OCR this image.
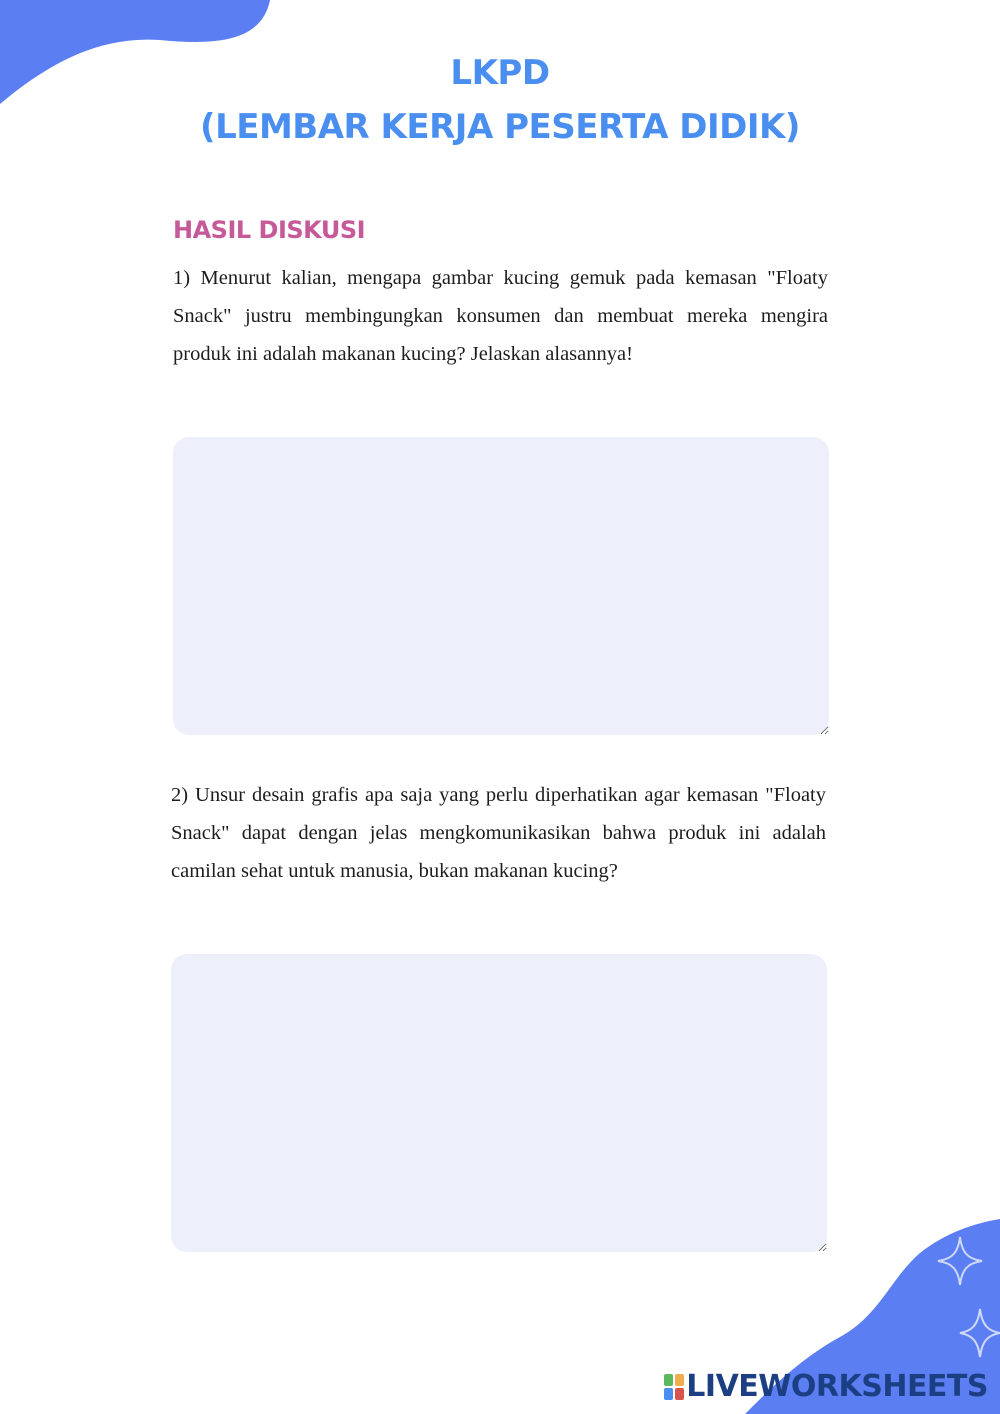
LKPD
(LEMBAR KERJA PESERTA DIDIK)
HASIL DISKUSI

1) Menurut kalian, mengapa gambar kucing gemuk pada kemasan "Floaty Snack" justru membingungkan konsumen dan membuat mereka mengira produk ini adalah makanan kucing? Jelaskan alasannya!

2) Unsur desain grafis apa saja yang perlu diperhatikan agar kemasan "Floaty Snack" dapat dengan jelas mengkomunikasikan bahwa produk ini adalah camilan sehat untuk manusia, bukan makanan kucing?

LIVEWORKSHEETS
